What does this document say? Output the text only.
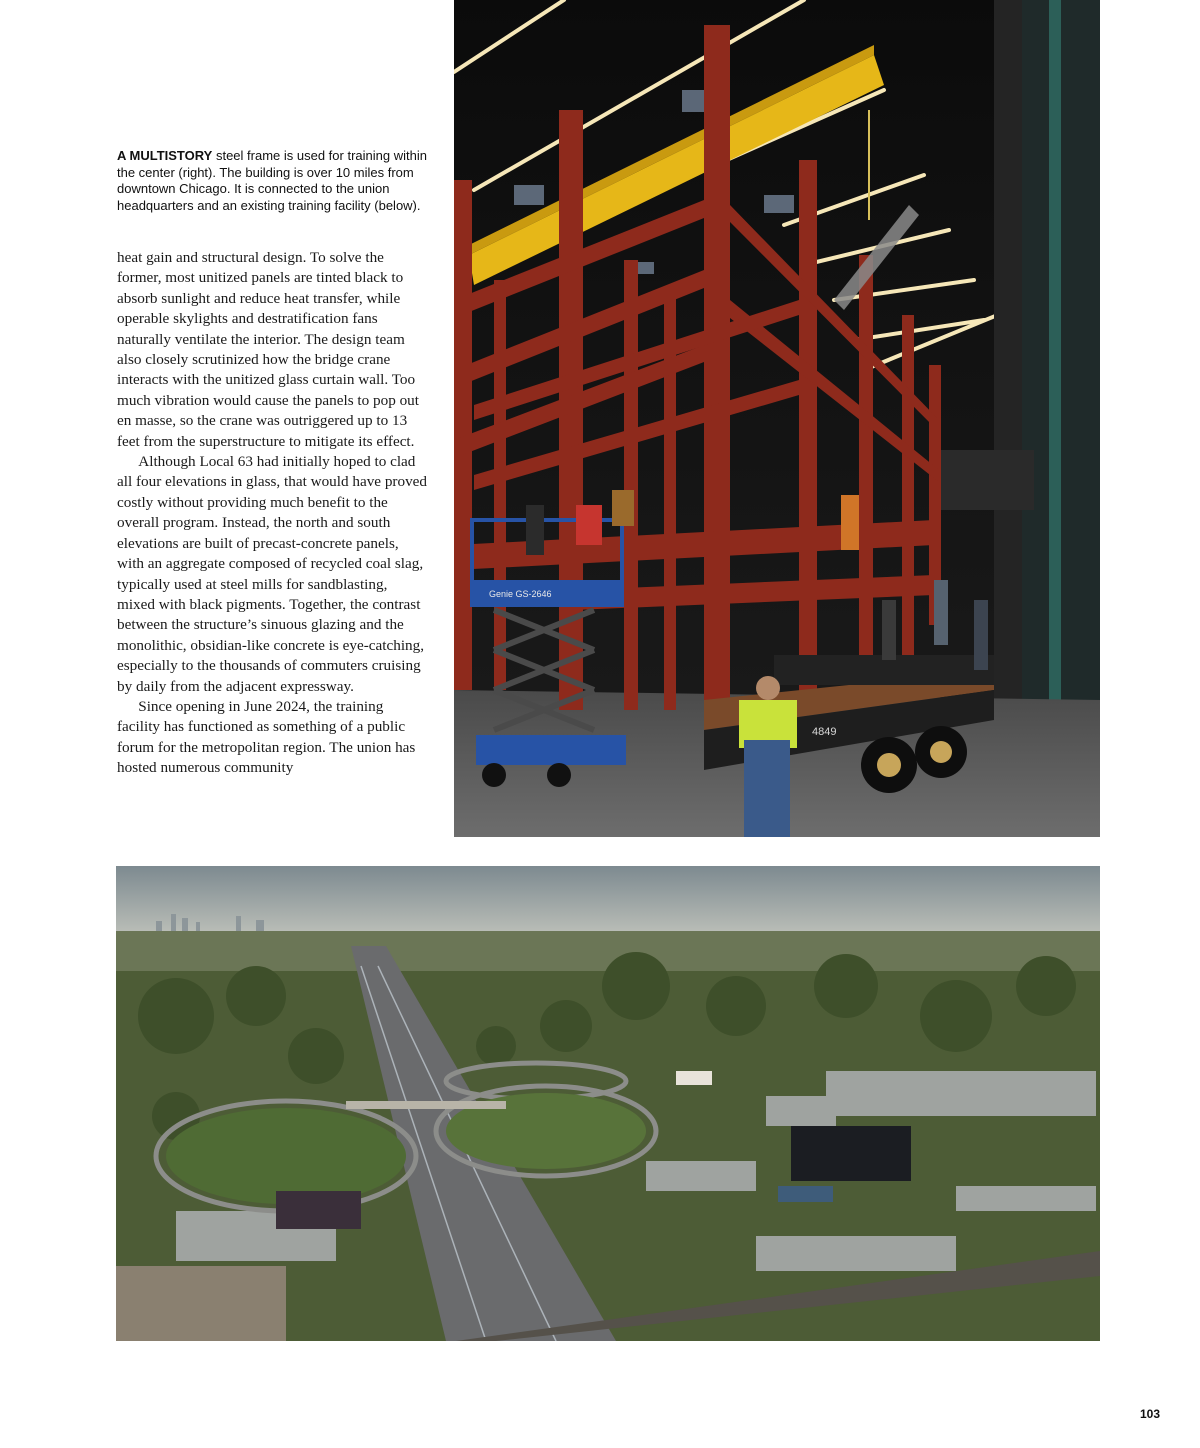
A MULTISTORY steel frame is used for training within the center (right). The building is over 10 miles from downtown Chicago. It is connected to the union headquarters and an existing training facility (below).

heat gain and structural design. To solve the former, most unitized panels are tinted black to absorb sunlight and reduce heat transfer, while operable skylights and destratification fans naturally ventilate the interior. The design team also closely scrutinized how the bridge crane interacts with the unitized glass curtain wall. Too much vibration would cause the panels to pop out en masse, so the crane was outriggered up to 13 feet from the superstructure to mitigate its effect.

Although Local 63 had initially hoped to clad all four elevations in glass, that would have proved costly without providing much benefit to the overall program. Instead, the north and south elevations are built of precast-concrete panels, with an aggregate composed of recycled coal slag, typically used at steel mills for sandblasting, mixed with black pigments. Together, the contrast between the structure’s sinuous glazing and the monolithic, obsidian-like concrete is eye-catching, especially to the thousands of commuters cruising by daily from the adjacent expressway.

Since opening in June 2024, the training facility has functioned as something of a public forum for the metropolitan region. The union has hosted numerous community

Genie GS-2646
4849
103
